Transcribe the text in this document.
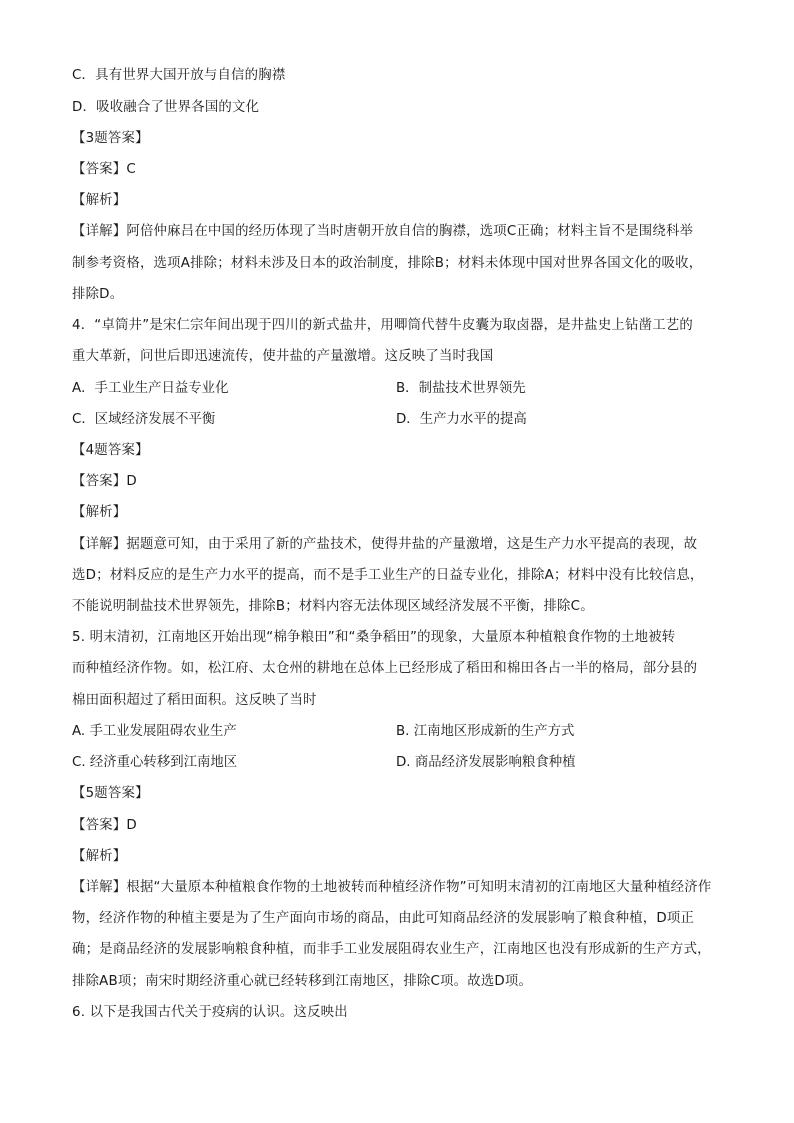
C．具有世界大国开放与自信的胸襟
D．吸收融合了世界各国的文化
【3题答案】
【答案】C
【解析】
【详解】阿倍仲麻吕在中国的经历体现了当时唐朝开放自信的胸襟，选项C正确；材料主旨不是围绕科举
制参考资格，选项A排除；材料未涉及日本的政治制度，排除B；材料未体现中国对世界各国文化的吸收，
排除D。
4．“卓筒井”是宋仁宗年间出现于四川的新式盐井，用唧筒代替牛皮囊为取卤器，是井盐史上钻凿工艺的
重大革新，问世后即迅速流传，使井盐的产量激增。这反映了当时我国
A．手工业生产日益专业化	B．制盐技术世界领先
C．区域经济发展不平衡	D．生产力水平的提高
【4题答案】
【答案】D
【解析】
【详解】据题意可知，由于采用了新的产盐技术，使得井盐的产量激增，这是生产力水平提高的表现，故
选D；材料反应的是生产力水平的提高，而不是手工业生产的日益专业化，排除A；材料中没有比较信息，
不能说明制盐技术世界领先，排除B；材料内容无法体现区域经济发展不平衡，排除C。
5. 明末清初，江南地区开始出现“棉争粮田”和“桑争稻田”的现象，大量原本种植粮食作物的土地被转
而种植经济作物。如，松江府、太仓州的耕地在总体上已经形成了稻田和棉田各占一半的格局，部分县的
棉田面积超过了稻田面积。这反映了当时
A. 手工业发展阻碍农业生产	B. 江南地区形成新的生产方式
C. 经济重心转移到江南地区	D. 商品经济发展影响粮食种植
【5题答案】
【答案】D
【解析】
【详解】根据“大量原本种植粮食作物的土地被转而种植经济作物”可知明末清初的江南地区大量种植经济作
物，经济作物的种植主要是为了生产面向市场的商品，由此可知商品经济的发展影响了粮食种植，D项正
确；是商品经济的发展影响粮食种植，而非手工业发展阻碍农业生产，江南地区也没有形成新的生产方式，
排除AB项；南宋时期经济重心就已经转移到江南地区，排除C项。故选D项。
6. 以下是我国古代关于疫病的认识。这反映出
